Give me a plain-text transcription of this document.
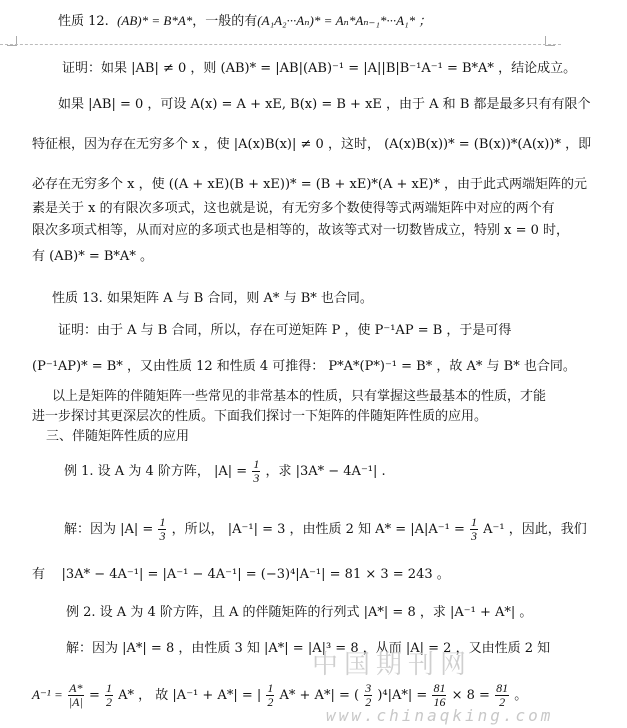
性质 12. (AB)* = B*A*，一般的有(A₁A₂···Aₙ)* = Aₙ*Aₙ₋₁*···A₁* ；
证明：如果 |AB| ≠ 0 ，则 (AB)* = |AB|(AB)⁻¹ = |A||B|B⁻¹A⁻¹ = B*A* ，结论成立。
如果 |AB| = 0 ，可设 A(x) = A + xE, B(x) = B + xE ，由于 A 和 B 都是最多只有有限个
特征根，因为存在无穷多个 x ，使 |A(x)B(x)| ≠ 0 ，这时， (A(x)B(x))* = (B(x))*(A(x))* ，即
必存在无穷多个 x ，使 ((A + xE)(B + xE))* = (B + xE)*(A + xE)* ，由于此式两端矩阵的元
素是关于 x 的有限次多项式，这也就是说，有无穷多个数使得等式两端矩阵中对应的两个有
限次多项式相等，从而对应的多项式也是相等的，故该等式对一切数皆成立，特别 x = 0 时，
有 (AB)* = B*A* 。
性质 13. 如果矩阵 A 与 B 合同，则 A* 与 B* 也合同。
证明：由于 A 与 B 合同，所以，存在可逆矩阵 P ，使 P⁻¹AP = B ，于是可得
(P⁻¹AP)* = B* ，又由性质 12 和性质 4 可推得： P*A*(P*)⁻¹ = B* ，故 A* 与 B* 也合同。
以上是矩阵的伴随矩阵一些常见的非常基本的性质，只有掌握这些最基本的性质，才能
进一步探讨其更深层次的性质。下面我们探讨一下矩阵的伴随矩阵性质的应用。
三、伴随矩阵性质的应用
例 1. 设 A 为 4 阶方阵， $|A| = \frac{1}{3}$ ，求 |3A* − 4A⁻¹| .
解：因为 $|A| = \frac{1}{3}$ ，所以， |A⁻¹| = 3 ，由性质 2 知 $A* = |A|A^{-1} = \frac{1}{3} A^{-1}$ ，因此，我们
有 |3A* − 4A⁻¹| = |A⁻¹ − 4A⁻¹| = (−3)⁴|A⁻¹| = 81 × 3 = 243 。
例 2. 设 A 为 4 阶方阵，且 A 的伴随矩阵的行列式 |A*| = 8 ，求 |A⁻¹ + A*| 。
解：因为 |A*| = 8 ，由性质 3 知 |A*| = |A|³ = 8 ，从而 |A| = 2 ，又由性质 2 知
$A^{-1} = \frac{A*}{|A|} = \frac{1}{2} A*$ ， 故 |A⁻¹ + A*| = | $\frac{1}{2} A* + A*|$ = ( $\frac{3}{2} )^4|A*| = \frac{81}{16} \times 8 = \frac{81}{2}$ 。
中国期刊网
www.chinaqking.com
